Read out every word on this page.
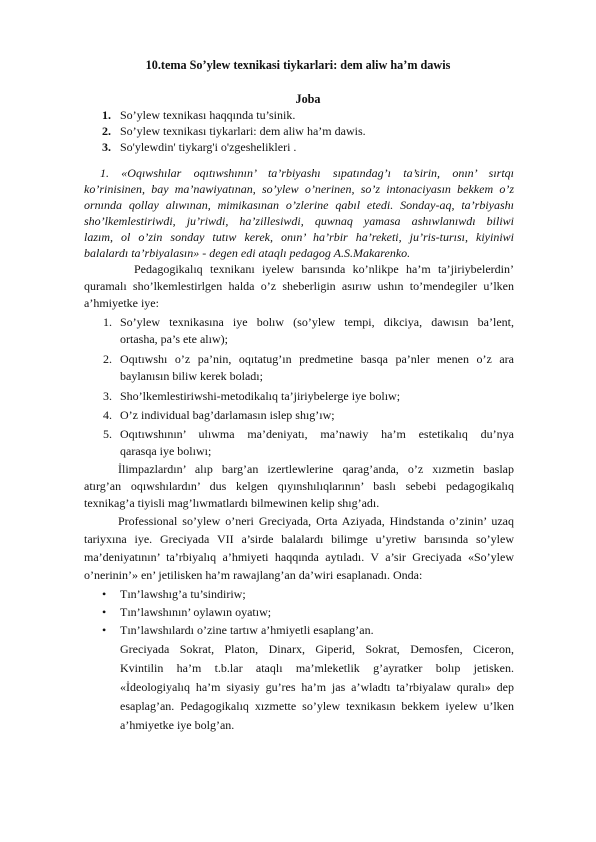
10.tema So’ylew texnikasi tiykarlari: dem aliw ha’m dawis
Joba
1. So’ylew texnikası haqqında tu’sinik.
2. So’ylew texnikası tiykarlari: dem aliw ha’m dawis.
3. So'ylewdin' tiykarg'i o'zgeshelikleri .
1. «Oqıwshılar oqıtıwshının’ ta’rbiyashı sıpatındag’ı ta’sirin, onın’ sırtqı
ko’rinisinen, bay ma’nawiyatınan, so’ylew o’nerinen, so’z intonaciyasın bekkem o’z
ornında qollay alıwınan, mimikasınan o’zlerine qabıl etedi. Sonday-aq, ta’rbiyashı
sho’lkemlestiriwdi, ju’riwdi, ha’zillesiwdi, quwnaq yamasa ashıwlanıwdı biliwi
lazım, ol o’zin sonday tutıw kerek, onın’ ha’rbir ha’reketi, ju’ris-turısı, kiyiniwi
balalardı ta’rbiyalasın» - degen edi ataqlı pedagog A.S.Makarenko.
Pedagogikalıq texnikanı iyelew barısında ko’nlikpe ha’m ta’jiriybelerdin’
quramalı sho’lkemlestirlgen halda o’z sheberligin asırıw ushın to’mendegiler u’lken
a’hmiyetke iye:
1. So’ylew texnikasına iye bolıw (so’ylew tempi, dikciya, dawısın ba’lent,
ortasha, pa’s ete alıw);
2. Oqıtıwshı o’z pa’nin, oqıtatug’ın predmetine basqa pa’nler menen o’z ara
baylanısın biliw kerek boladı;
3. Sho’lkemlestiriwshi-metodikalıq ta’jiriybelerge iye bolıw;
4. O’z individual bag’darlamasın islep shıg’ıw;
5. Oqıtıwshının’ ulıwma ma’deniyatı, ma’nawiy ha’m estetikalıq du’nya
qarasqa iye bolıwı;
İlimpazlardın’ alıp barg’an izertlewlerine qarag’anda, o’z xızmetin baslap
atırg’an oqıwshılardın’ dus kelgen qıyınshılıqlarının’ baslı sebebi pedagogikalıq
texnikag’a tiyisli mag’lıwmatlardı bilmewinen kelip shıg’adı.
Professional so’ylew o’neri Greciyada, Orta Aziyada, Hindstanda o’zinin’ uzaq
tariyxına iye. Greciyada VII a’sirde balalardı bilimge u’yretiw barısında so’ylew
ma’deniyatının’ ta’rbiyalıq a’hmiyeti haqqında aytıladı. V a’sir Greciyada «So’ylew
o’nerinin’» en’ jetilisken ha’m rawajlang’an da’wiri esaplanadı. Onda:
• Tın’lawshıg’a tu’sindiriw;
• Tın’lawshının’ oylawın oyatıw;
• Tın’lawshılardı o’zine tartıw a’hmiyetli esaplang’an.
Greciyada Sokrat, Platon, Dinarx, Giperid, Sokrat, Demosfen, Ciceron,
Kvintilin ha’m t.b.lar ataqlı ma’mleketlik g’ayratker bolıp jetisken.
«İdeologiyalıq ha’m siyasiy gu’res ha’m jas a’wladtı ta’rbiyalaw quralı» dep
esaplag’an. Pedagogikalıq xızmette so’ylew texnikasın bekkem iyelew u’lken
a’hmiyetke iye bolg’an.
